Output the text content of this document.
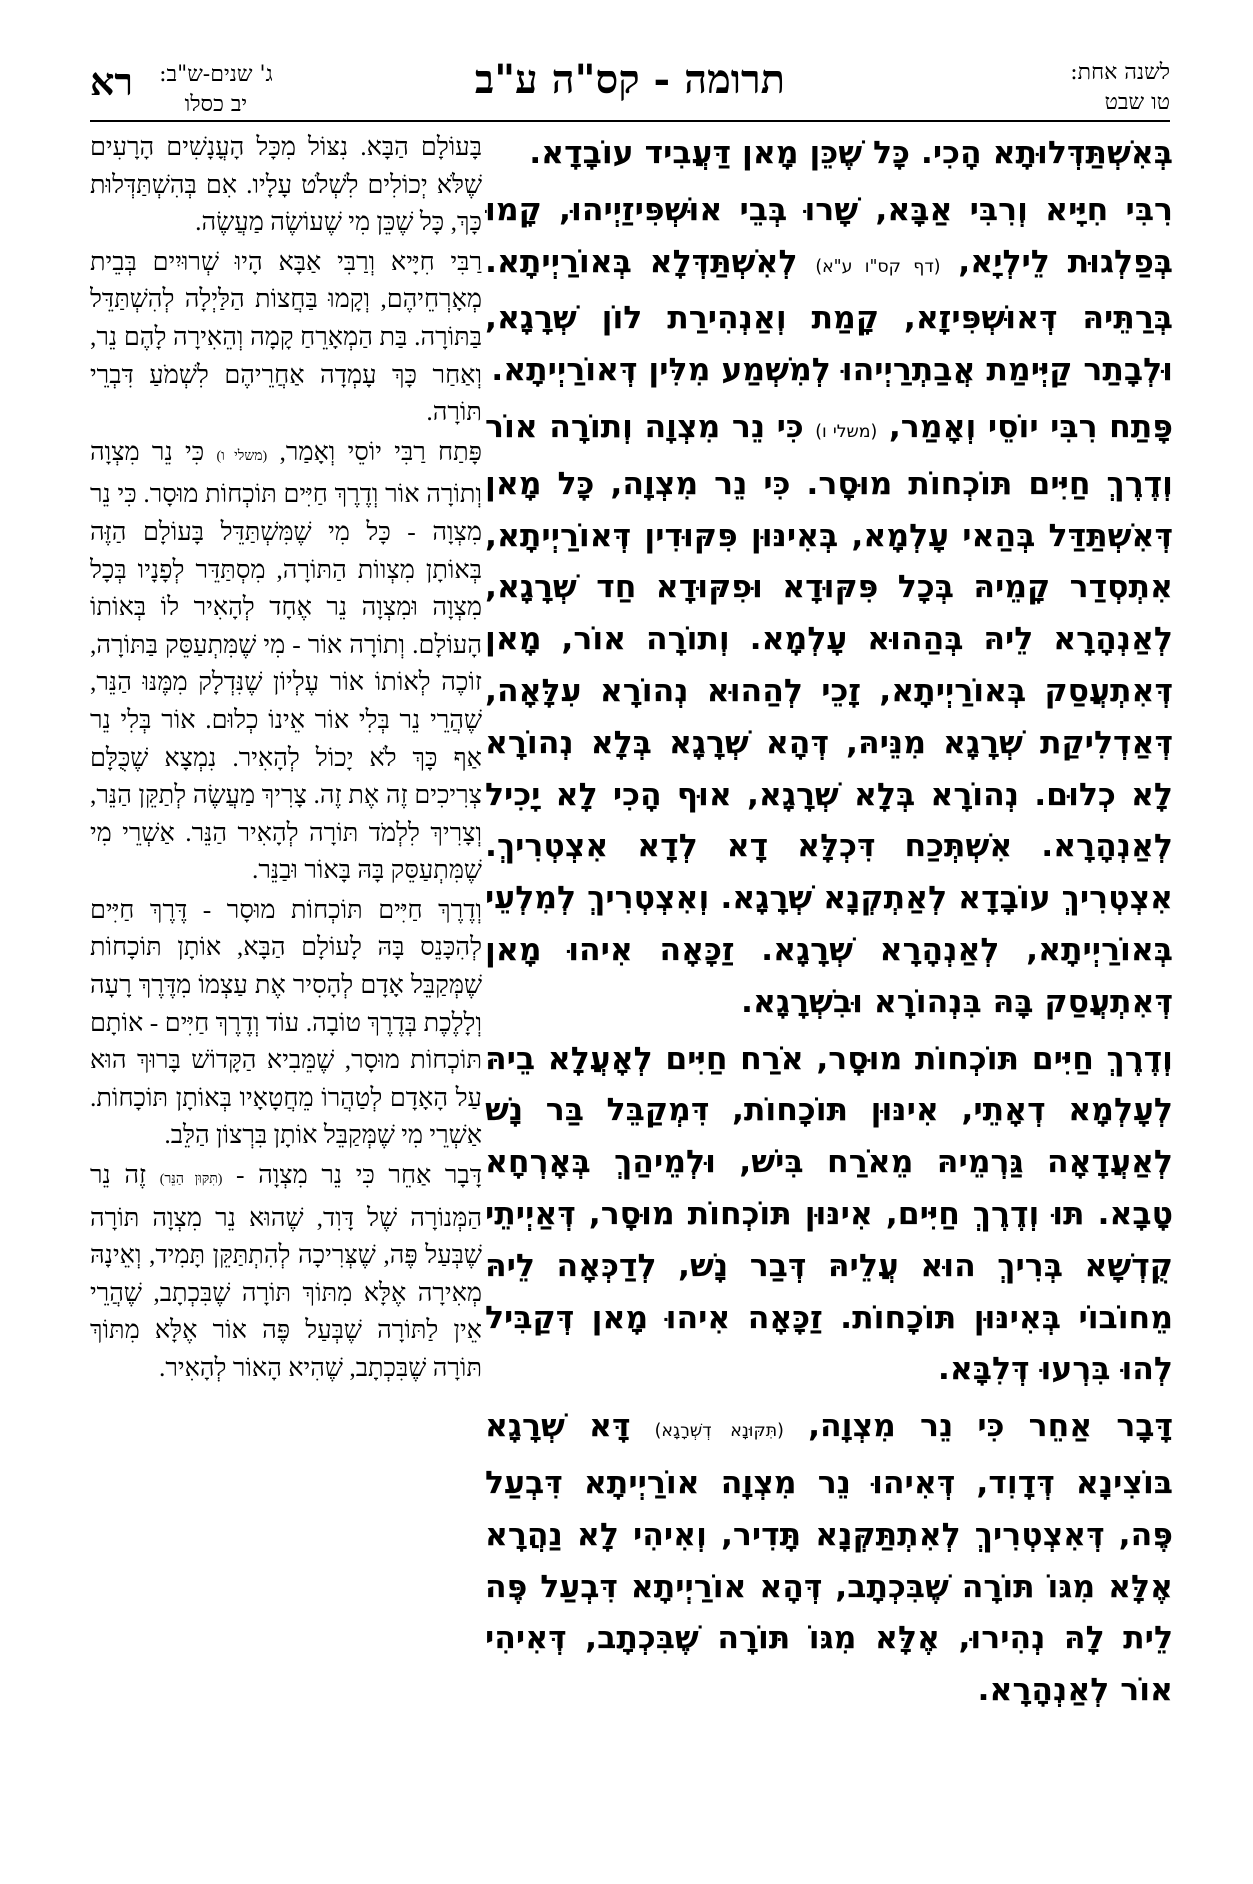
לשנה אחת:
טו שבט
תרומה - קס"ה ע"ב
ג' שנים-ש"ב:
יב כסלו
רא

בְּאִשְׁתַּדְּלוּתָא הָכִי. כָּל שֶׁכֵּן מָאן דַּעֲבִיד עוֹבָדָא.

רִבִּי חִיָּיא וְרִבִּי אַבָּא, שָׁרוּ בְּבֵי אוּשְׁפִּיזַיְיהוּ, קָמוּ בְּפַלְגוּת לֵילְיָא, (דף קס"ו ע"א) לְאִשְׁתַּדְּלָא בְּאוֹרַיְיתָא. בְּרַתֵּיהּ דְּאוּשְׁפִּיזָא, קָמַת וְאַנְהִירַת לוֹן שְׁרָגָא, וּלְבָתַר קַיְּימַת אֲבַתְרַיְיהוּ לְמִשְׁמַע מִלִּין דְּאוֹרַיְיתָא.

פָּתַח רִבִּי יוֹסֵי וְאָמַר, (משלי ו) כִּי נֵר מִצְוָה וְתוֹרָה אוֹר וְדֶרֶךְ חַיִּים תּוֹכְחוֹת מוּסָר. כִּי נֵר מִצְוָה, כָּל מָאן דְּאִשְׁתַּדַּל בְּהַאי עָלְמָא, בְּאִינּוּן פִּקּוּדִין דְּאוֹרַיְיתָא, אִתְסְדַר קָמֵיהּ בְּכָל פִּקּוּדָא וּפִקּוּדָא חַד שְׁרָגָא, לְאַנְהָרָא לֵיהּ בְּהַהוּא עָלְמָא. וְתוֹרָה אוֹר, מָאן דְּאִתְעֲסַק בְּאוֹרַיְיתָא, זָכֵי לְהַהוּא נְהוֹרָא עִלָּאָה, דְּאַדְלִיקַת שְׁרָגָא מִנֵּיהּ, דְּהָא שְׁרָגָא בְּלָא נְהוֹרָא לָא כְלוּם. נְהוֹרָא בְּלָא שְׁרָגָא, אוּף הָכִי לָא יָכִיל לְאַנְהָרָא. אִשְׁתְּכַח דִּכְלָּא דָא לְדָא אִצְטְרִיךְ. אִצְטְרִיךְ עוֹבָדָא לְאַתְקְנָא שְׁרָגָא. וְאִצְטְרִיךְ לְמִלְעֵי בְּאוֹרַיְיתָא, לְאַנְהָרָא שְׁרָגָא. זַכָּאָה אִיהוּ מָאן דְּאִתְעֲסַק בָּהּ בִּנְהוֹרָא וּבִשְׁרָגָא.

וְדֶרֶךְ חַיִּים תּוֹכְחוֹת מוּסָר, אֹרַח חַיִּים לְאָעֲלָא בֵיהּ לְעָלְמָא דְאָתֵי, אִינּוּן תּוֹכָחוֹת, דִּמְקַבֵּל בַּר נָשׁ לְאַעֲדָאָה גַּרְמֵיהּ מֵאֹרַח בִּישׁ, וּלְמֵיהַךְ בְּאָרְחָא טָבָא. תּוּ וְדֶרֶךְ חַיִּים, אִינּוּן תּוֹכְחוֹת מוּסָר, דְּאַיְיתֵי קֻדְשָׁא בְּרִיךְ הוּא עֲלֵיהּ דְּבַר נָשׁ, לְדַכְּאָה לֵיהּ מֵחוֹבוֹי בְּאִינּוּן תּוֹכָחוֹת. זַכָּאָה אִיהוּ מָאן דְּקַבִּיל לְהוּ בִּרְעוּ דְּלִבָּא.

דָּבָר אַחֵר כִּי נֵר מִצְוָה, (תִּקּוּנָא דְשְׁרָגָא) דָּא שְׁרָגָא בּוֹצִינָא דְּדָוִד, דְּאִיהוּ נֵר מִצְוָה אוֹרַיְיתָא דִּבְעַל פֶּה, דְּאִצְטְרִיךְ לְאִתְתַּקְּנָא תָּדִיר, וְאִיהִי לָא נַהֲרָא אֶלָּא מִגּוֹ תּוֹרָה שֶׁבִּכְתָב, דְּהָא אוֹרַיְיתָא דִּבְעַל פֶּה לֵית לָהּ נְהִירוּ, אֶלָּא מִגּוֹ תּוֹרָה שֶׁבִּכְתָב, דְּאִיהִי אוֹר לְאַנְהָרָא.

בָּעוֹלָם הַבָּא. נִצּוֹל מִכָּל הָעֳנָשִׁים הָרָעִים שֶׁלֹּא יְכוֹלִים לִשְׁלֹט עָלָיו. אִם בְּהִשְׁתַּדְּלוּת כָּךְ, כָּל שֶׁכֵּן מִי שֶׁעוֹשֶׂה מַעֲשֶׂה.

רַבִּי חִיָּיא וְרַבִּי אַבָּא הָיוּ שְׁרוּיִים בְּבֵית מְאָרְחֵיהֶם, וְקָמוּ בַּחֲצוֹת הַלַּיְלָה לְהִשְׁתַּדֵּל בַּתּוֹרָה. בַּת הַמְאָרֵחַ קָמָה וְהֵאִירָה לָהֶם נֵר, וְאַחַר כָּךְ עָמְדָה אַחֲרֵיהֶם לִשְׁמֹעַ דִּבְרֵי תּוֹרָה.

פָּתַח רַבִּי יוֹסֵי וְאָמַר, (משלי ו) כִּי נֵר מִצְוָה וְתוֹרָה אוֹר וְדֶרֶךְ חַיִּים תּוֹכְחוֹת מוּסָר. כִּי נֵר מִצְוָה - כָּל מִי שֶׁמִּשְׁתַּדֵּל בָּעוֹלָם הַזֶּה בְּאוֹתָן מִצְווֹת הַתּוֹרָה, מִסְתַּדֵּר לְפָנָיו בְּכָל מִצְוָה וּמִצְוָה נֵר אֶחָד לְהָאִיר לוֹ בְּאוֹתוֹ הָעוֹלָם. וְתוֹרָה אוֹר - מִי שֶׁמִּתְעַסֵּק בַּתּוֹרָה, זוֹכֶה לְאוֹתוֹ אוֹר עֶלְיוֹן שֶׁנִּדְלָק מִמֶּנּוּ הַנֵּר, שֶׁהֲרֵי נֵר בְּלִי אוֹר אֵינוֹ כְלוּם. אוֹר בְּלִי נֵר אַף כָּךְ לֹא יָכוֹל לְהָאִיר. נִמְצָא שֶׁכֻּלָּם צְרִיכִים זֶה אֶת זֶה. צָרִיךְ מַעֲשֶׂה לְתַקֵּן הַנֵּר, וְצָרִיךְ לִלְמֹד תּוֹרָה לְהָאִיר הַנֵּר. אַשְׁרֵי מִי שֶׁמִּתְעַסֵּק בָּהּ בָּאוֹר וּבַנֵּר.

וְדֶרֶךְ חַיִּים תּוֹכְחוֹת מוּסָר - דֶּרֶךְ חַיִּים לְהִכָּנֵס בָּהּ לָעוֹלָם הַבָּא, אוֹתָן תּוֹכָחוֹת שֶׁמְּקַבֵּל אָדָם לְהָסִיר אֶת עַצְמוֹ מִדֶּרֶךְ רָעָה וְלָלֶכֶת בְּדֶרֶךְ טוֹבָה. עוֹד וְדֶרֶךְ חַיִּים - אוֹתָם תּוֹכְחוֹת מוּסָר, שֶׁמֵּבִיא הַקָּדוֹשׁ בָּרוּךְ הוּא עַל הָאָדָם לְטַהֲרוֹ מֵחֲטָאָיו בְּאוֹתָן תּוֹכָחוֹת. אַשְׁרֵי מִי שֶׁמְּקַבֵּל אוֹתָן בִּרְצוֹן הַלֵּב.

דָּבָר אַחֵר כִּי נֵר מִצְוָה - (תִּקּוּן הַנֵּר) זֶה נֵר הַמְּנוֹרָה שֶׁל דָּוִד, שֶׁהוּא נֵר מִצְוָה תּוֹרָה שֶׁבְּעַל פֶּה, שֶׁצְּרִיכָה לְהִתְתַּקֵּן תָּמִיד, וְאֵינָהּ מְאִירָה אֶלָּא מִתּוֹךְ תּוֹרָה שֶׁבִּכְתָב, שֶׁהֲרֵי אֵין לַתּוֹרָה שֶׁבְּעַל פֶּה אוֹר אֶלָּא מִתּוֹךְ תּוֹרָה שֶׁבִּכְתָב, שֶׁהִיא הָאוֹר לְהָאִיר.
